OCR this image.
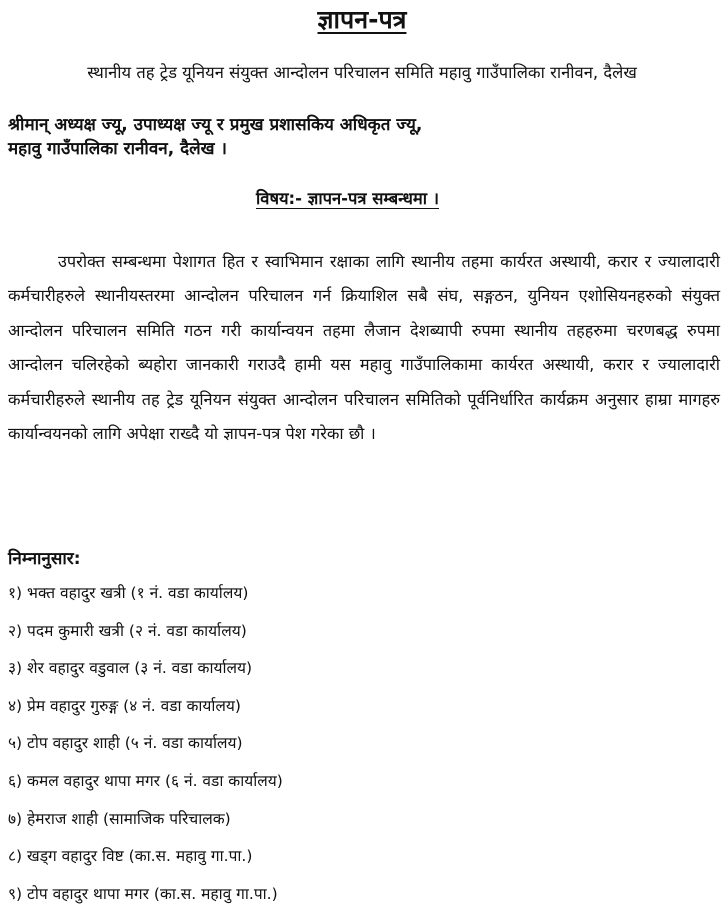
ज्ञापन-पत्र
स्थानीय तह ट्रेड यूनियन संयुक्त आन्दोलन परिचालन समिति महावु गाउँपालिका रानीवन, दैलेख
श्रीमान् अध्यक्ष ज्यू, उपाध्यक्ष ज्यू र प्रमुख प्रशासकिय अधिकृत ज्यू,
महावु गाउँपालिका रानीवन, दैलेख ।
विषय:- ज्ञापन-पत्र सम्बन्धमा ।
उपरोक्त सम्बन्धमा पेशागत हित र स्वाभिमान रक्षाका लागि स्थानीय तहमा कार्यरत अस्थायी, करार र ज्यालादारी कर्मचारीहरुले स्थानीयस्तरमा आन्दोलन परिचालन गर्न क्रियाशिल सबै संघ, सङ्गठन, युनियन एशोसियनहरुको संयुक्त आन्दोलन परिचालन समिति गठन गरी कार्यान्वयन तहमा लैजान देशब्यापी रुपमा स्थानीय तहहरुमा चरणबद्ध रुपमा आन्दोलन चलिरहेको ब्यहोरा जानकारी गराउदै हामी यस महावु गाउँपालिकामा कार्यरत अस्थायी, करार र ज्यालादारी कर्मचारीहरुले स्थानीय तह ट्रेड यूनियन संयुक्त आन्दोलन परिचालन समितिको पूर्वनिर्धारित कार्यक्रम अनुसार हाम्रा मागहरु कार्यान्वयनको लागि अपेक्षा राख्दै यो ज्ञापन-पत्र पेश गरेका छौ ।
निम्नानुसार:
१) भक्त वहादुर खत्री (१ नं. वडा कार्यालय)
२) पदम कुमारी खत्री (२ नं. वडा कार्यालय)
३) शेर वहादुर वडुवाल (३ नं. वडा कार्यालय)
४) प्रेम वहादुर गुरुङ्ग (४ नं. वडा कार्यालय)
५) टोप वहादुर शाही (५ नं. वडा कार्यालय)
६) कमल वहादुर थापा मगर (६ नं. वडा कार्यालय)
७) हेमराज शाही (सामाजिक परिचालक)
८) खड्ग वहादुर विष्ट (का.स. महावु गा.पा.)
९) टोप वहादुर थापा मगर (का.स. महावु गा.पा.)
